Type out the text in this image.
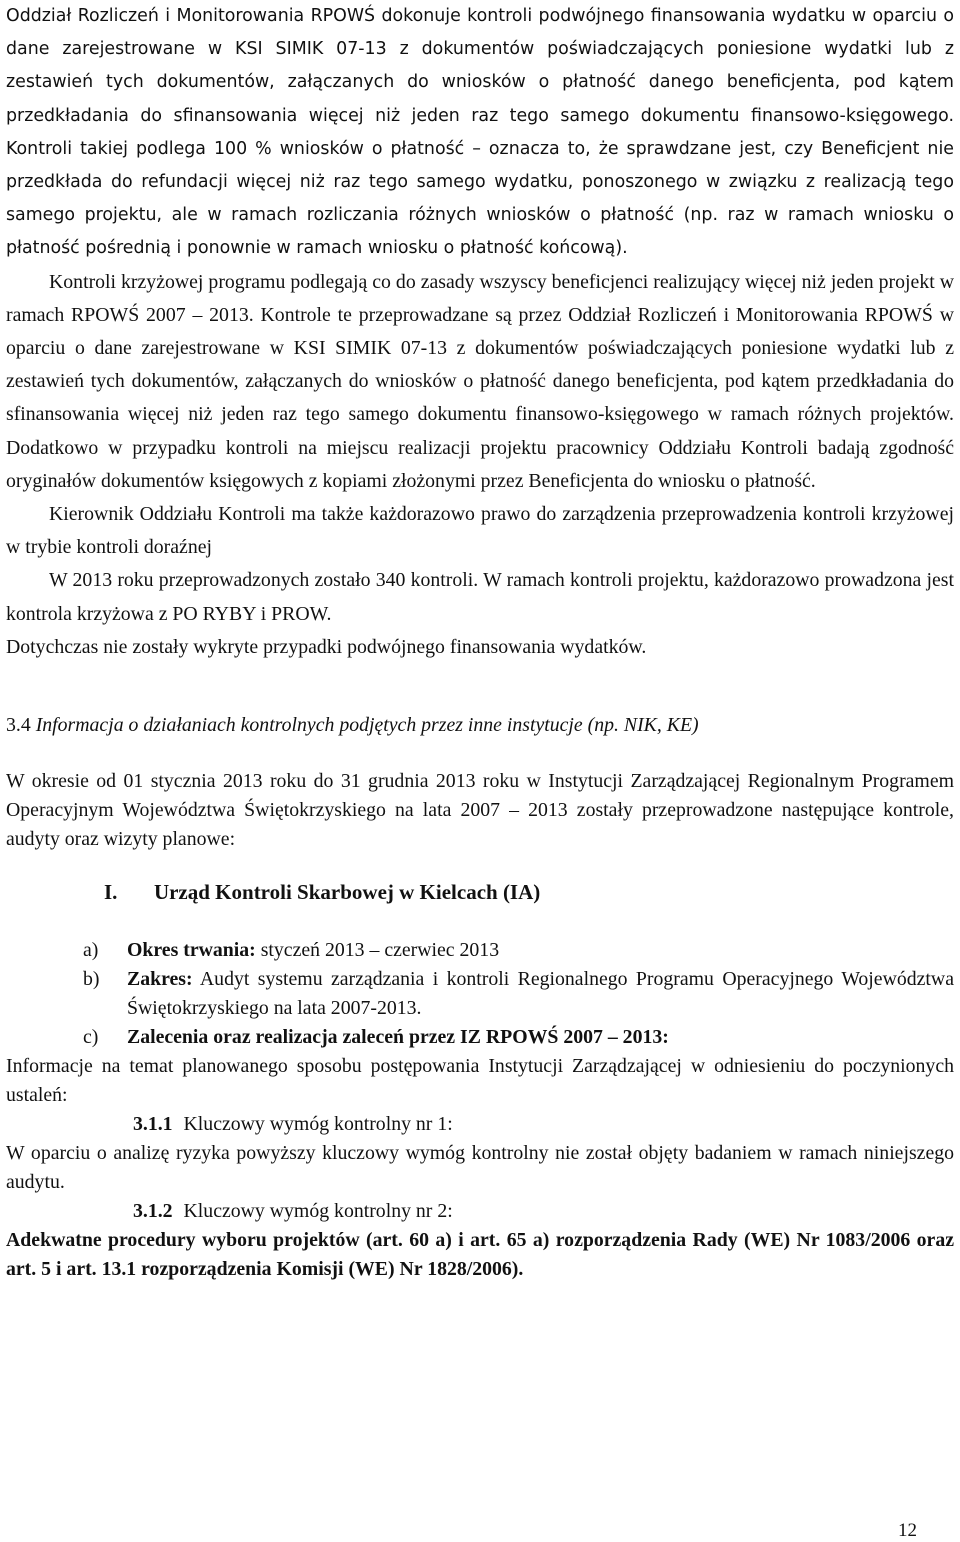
Oddział Rozliczeń i Monitorowania RPOWŚ dokonuje kontroli podwójnego finansowania wydatku w oparciu o dane zarejestrowane w KSI SIMIK 07-13 z dokumentów poświadczających poniesione wydatki lub z zestawień tych dokumentów, załączanych do wniosków o płatność danego beneficjenta, pod kątem przedkładania do sfinansowania więcej niż jeden raz tego samego dokumentu finansowo-księgowego. Kontroli takiej podlega 100 % wniosków o płatność – oznacza to, że sprawdzane jest, czy Beneficjent nie przedkłada do refundacji więcej niż raz tego samego wydatku, ponoszonego w związku z realizacją tego samego projektu, ale w ramach rozliczania różnych wniosków o płatność (np. raz w ramach wniosku o płatność pośrednią i ponownie w ramach wniosku o płatność końcową).

Kontroli krzyżowej programu podlegają co do zasady wszyscy beneficjenci realizujący więcej niż jeden projekt w ramach RPOWŚ 2007 – 2013. Kontrole te przeprowadzane są przez Oddział Rozliczeń i Monitorowania RPOWŚ w oparciu o dane zarejestrowane w KSI SIMIK 07-13 z dokumentów poświadczających poniesione wydatki lub z zestawień tych dokumentów, załączanych do wniosków o płatność danego beneficjenta, pod kątem przedkładania do sfinansowania więcej niż jeden raz tego samego dokumentu finansowo-księgowego w ramach różnych projektów. Dodatkowo w przypadku kontroli na miejscu realizacji projektu pracownicy Oddziału Kontroli badają zgodność oryginałów dokumentów księgowych z kopiami złożonymi przez Beneficjenta do wniosku o płatność.

Kierownik Oddziału Kontroli ma także każdorazowo prawo do zarządzenia przeprowadzenia kontroli krzyżowej w trybie kontroli doraźnej

W 2013 roku przeprowadzonych zostało 340 kontroli. W ramach kontroli projektu, każdorazowo prowadzona jest kontrola krzyżowa z PO RYBY i PROW.

Dotychczas nie zostały wykryte przypadki podwójnego finansowania wydatków.

3.4 Informacja o działaniach kontrolnych podjętych przez inne instytucje (np. NIK, KE)

W okresie od 01 stycznia 2013 roku do 31 grudnia 2013 roku w Instytucji Zarządzającej Regionalnym Programem Operacyjnym Województwa Świętokrzyskiego na lata 2007 – 2013 zostały przeprowadzone następujące kontrole, audyty oraz wizyty planowe:

I. Urząd Kontroli Skarbowej w Kielcach (IA)
a)	Okres trwania: styczeń 2013 – czerwiec 2013
b)	Zakres: Audyt systemu zarządzania i kontroli Regionalnego Programu Operacyjnego Województwa Świętokrzyskiego na lata 2007-2013.
c)	Zalecenia oraz realizacja zaleceń przez IZ RPOWŚ 2007 – 2013:

Informacje na temat planowanego sposobu postępowania Instytucji Zarządzającej w odniesieniu do poczynionych ustaleń:

3.1.1 Kluczowy wymóg kontrolny nr 1:

W oparciu o analizę ryzyka powyższy kluczowy wymóg kontrolny nie został objęty badaniem w ramach niniejszego audytu.

3.1.2 Kluczowy wymóg kontrolny nr 2:

Adekwatne procedury wyboru projektów (art. 60 a) i art. 65 a) rozporządzenia Rady (WE) Nr 1083/2006 oraz art. 5 i art. 13.1 rozporządzenia Komisji (WE) Nr 1828/2006).

12
